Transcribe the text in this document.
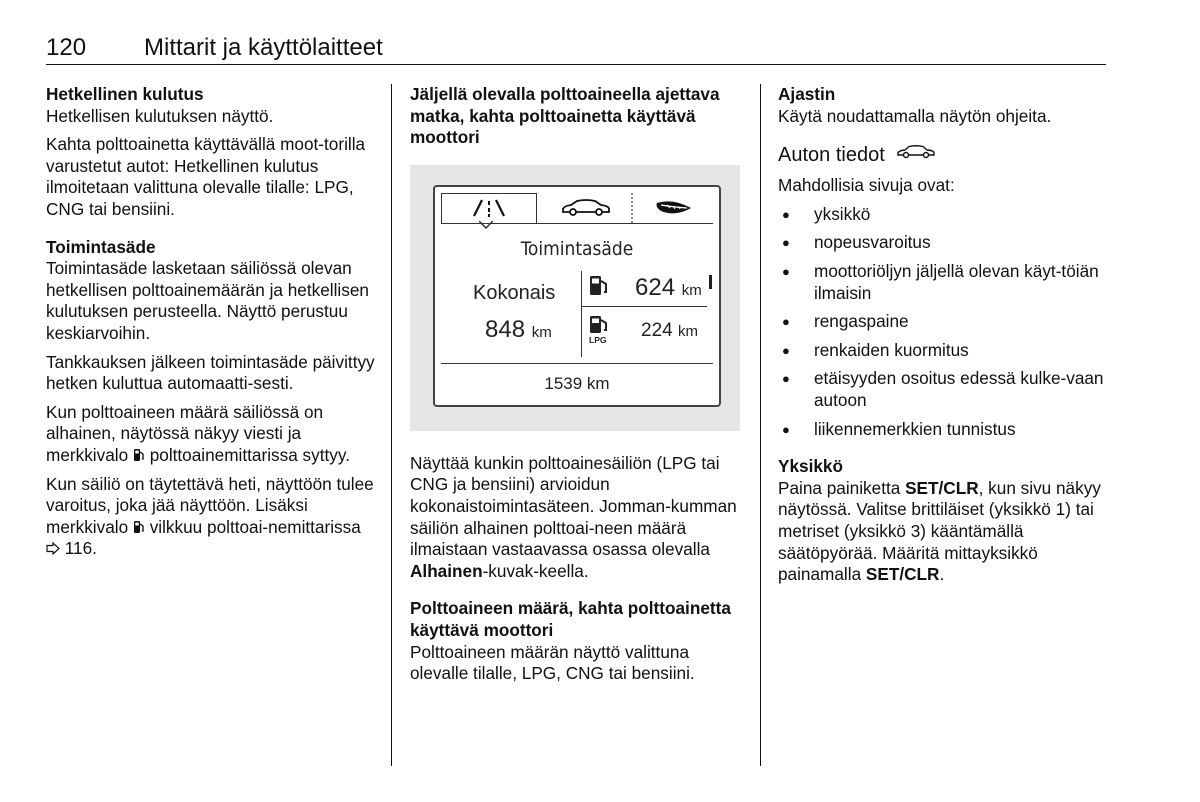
120 Mittarit ja käyttölaitteet

Hetkellinen kulutus

Hetkellisen kulutuksen näyttö.

Kahta polttoainetta käyttävällä moot-torilla varustetut autot: Hetkellinen kulutus ilmoitetaan valittuna olevalle tilalle: LPG, CNG tai bensiini.

Toimintasäde

Toimintasäde lasketaan säiliössä olevan hetkellisen polttoainemäärän ja hetkellisen kulutuksen perusteella. Näyttö perustuu keskiarvoihin.

Tankkauksen jälkeen toimintasäde päivittyy hetken kuluttua automaatti-sesti.

Kun polttoaineen määrä säiliössä on alhainen, näytössä näkyy viesti ja merkkivalo  polttoainemittarissa syttyy.

Kun säiliö on täytettävä heti, näyttöön tulee varoitus, joka jää näyttöön. Lisäksi merkkivalo  vilkkuu polttoai-nemittarissa  116.

Jäljellä olevalla polttoaineella ajettava matka, kahta polttoainetta käyttävä moottori

Toimintasäde
Kokonais
848 km
624 km
LPG 224 km
1539 km

Näyttää kunkin polttoainesäiliön (LPG tai CNG ja bensiini) arvioidun kokonaistoimintasäteen. Jomman-kumman säiliön alhainen polttoai-neen määrä ilmaistaan vastaavassa osassa olevalla Alhainen-kuvak-keella.

Polttoaineen määrä, kahta polttoainetta käyttävä moottori

Polttoaineen määrän näyttö valittuna olevalle tilalle, LPG, CNG tai bensiini.

Ajastin

Käytä noudattamalla näytön ohjeita.

Auton tiedot

Mahdollisia sivuja ovat:

● yksikkö
● nopeusvaroitus
● moottoriöljyn jäljellä olevan käyt-töiän ilmaisin
● rengaspaine
● renkaiden kuormitus
● etäisyyden osoitus edessä kulke-vaan autoon
● liikennemerkkien tunnistus

Yksikkö

Paina painiketta SET/CLR, kun sivu näkyy näytössä. Valitse brittiläiset (yksikkö 1) tai metriset (yksikkö 3) kääntämällä säätöpyörää. Määritä mittayksikkö painamalla SET/CLR.
